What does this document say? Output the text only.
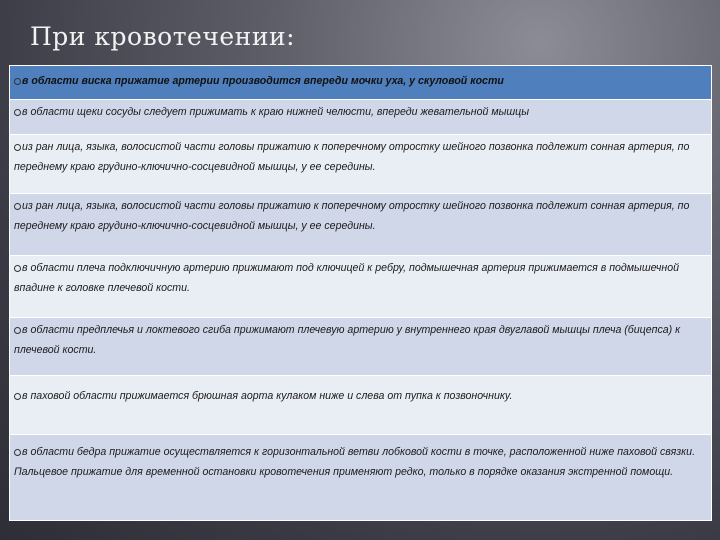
При кровотечении:
в области виска прижатие артерии производится впереди мочки уха, у скуловой кости
в области щеки сосуды следует прижимать к краю нижней челюсти, впереди жевательной мышцы
из ран лица, языка, волосистой части головы прижатию к поперечному отростку шейного позвонка подлежит сонная артерия, по переднему краю грудино-ключично-сосцевидной мышцы, у ее середины.
из ран лица, языка, волосистой части головы прижатию к поперечному отростку шейного позвонка подлежит сонная артерия, по переднему краю грудино-ключично-сосцевидной мышцы, у ее середины.
в области плеча подключичную артерию прижимают под ключицей к ребру, подмышечная артерия прижимается в подмышечной впадине к головке плечевой кости.
в области предплечья и локтевого сгиба прижимают плечевую артерию у внутреннего края двуглавой мышцы плеча (бицепса) к плечевой кости.
в паховой области прижимается брюшная аорта кулаком ниже и слева от пупка к позвоночнику.
в области бедра прижатие осуществляется к горизонтальной ветви лобковой кости в точке, расположенной ниже паховой связки. Пальцевое прижатие для временной остановки кровотечения применяют редко, только в порядке оказания экстренной помощи.
